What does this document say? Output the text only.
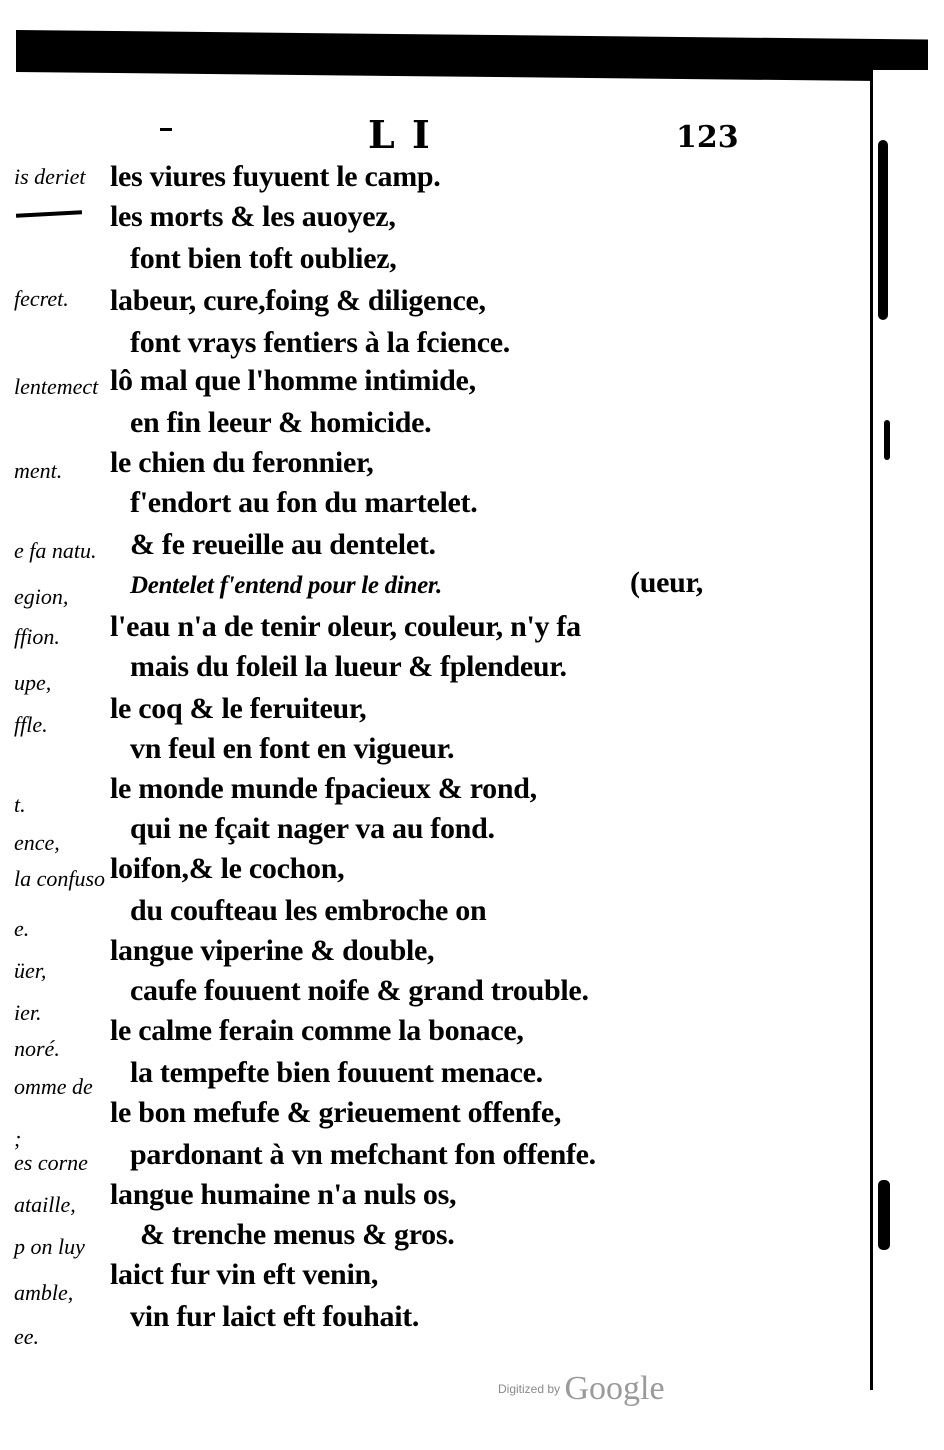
L I	123
is deriet
fecret.
lentemect
ment.
e fa natu.
egion,
ffion.
upe,
ffle.
t.
ence,
la confuso
e.
üer,
ier.
noré.
omme de
;
es corne
ataille,
p on luy
amble,
ee.
les viures fuyuent le camp.
les morts & les auoyez,
font bien toft oubliez,
labeur, cure,foing & diligence,
font vrays fentiers à la fcience.
lô mal que l'homme intimide,
en fin leeur & homicide.
le chien du feronnier,
f'endort au fon du martelet.
& fe reueille au dentelet.
Dentelet f'entend pour le diner.	(ueur,
l'eau n'a de tenir oleur, couleur, n'y fa
mais du foleil la lueur & fplendeur.
le coq & le feruiteur,
vn feul en font en vigueur.
le monde munde fpacieux & rond,
qui ne fçait nager va au fond.
loifon,& le cochon,
du coufteau les embroche on
langue viperine & double,
caufe fouuent noife & grand trouble.
le calme ferain comme la bonace,
la tempefte bien fouuent menace.
le bon mefufe & grieuement offenfe,
pardonant à vn mefchant fon offenfe.
langue humaine n'a nuls os,
& trenche menus & gros.
laict fur vin eft venin,
vin fur laict eft fouhait.
Digitized by Google
